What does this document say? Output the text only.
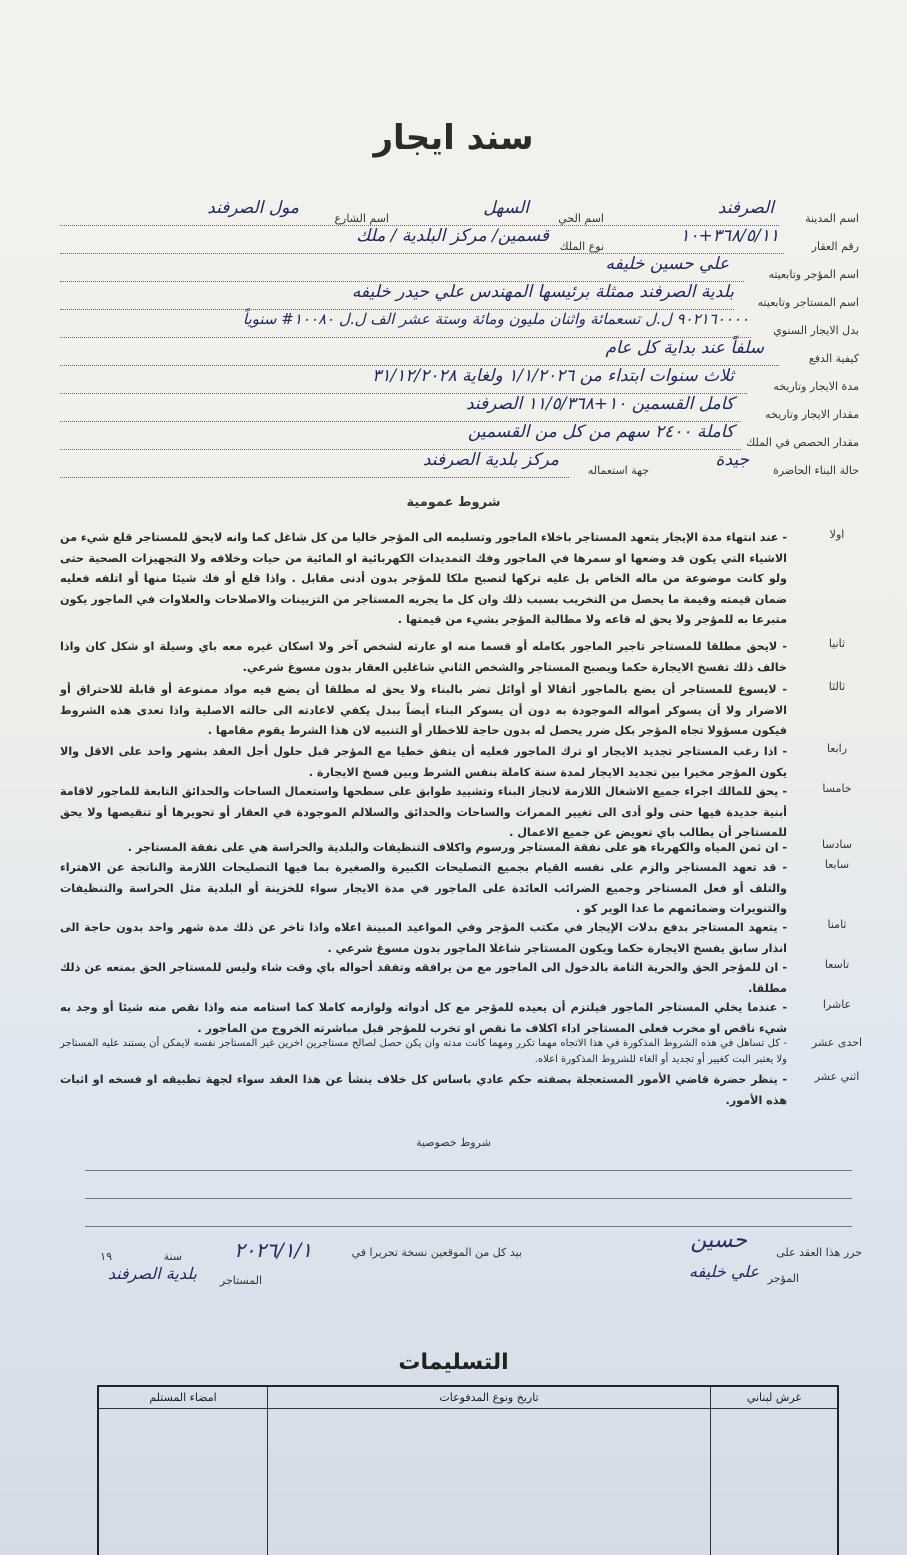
سند ايجار
اسم المدينة
الصرفند
اسم الحي
السهل
اسم الشارع
مول الصرفند
رقم العقار
٣٦٨/٥/١١+١٠
نوع الملك
قسمين/ مركز البلدية / ملك
اسم المؤجر وتابعيته
علي حسين خليفه
اسم المستاجر وتابعيته
بلدية الصرفند ممثلة برئيسها المهندس علي حيدر خليفه
بدل الايجار السنوي
٩٠٢١٦٠٠٠٠ ل.ل تسعمائة واثنان مليون ومائة وستة عشر الف ل.ل ١٠٠٨٠# سنوياً
كيفية الدفع
سلفاً عند بداية كل عام
مدة الايجار وتاريخه
ثلاث سنوات ابتداء من ١/١/٢٠٢٦ ولغاية ٣١/١٢/٢٠٢٨
مقدار الايجار وتاريخه
كامل القسمين ١٠+١١/٥/٣٦٨ الصرفند
مقدار الحصص في الملك
كاملة ٢٤٠٠ سهم من كل من القسمين
حالة البناء الحاضرة
جيدة
جهة استعماله
مركز بلدية الصرفند
شروط عمومية
اولا
- عند انتهاء مدة الإيجار يتعهد المستاجر باخلاء الماجور وتسليمه الى المؤجر خاليا من كل شاغل كما وانه لايحق للمستاجر قلع شيء من الاشياء التي يكون قد وضعها او سمرها في الماجور وفك التمديدات الكهربائية او المائية من حيات وخلافه ولا التجهيزات الصحية حتى ولو كانت موضوعة من ماله الخاص بل عليه تركها لتصبح ملكا للمؤجر بدون أدنى مقابل . واذا قلع أو فك شيئا منها أو اتلفه فعليه ضمان قيمته وقيمة ما يحصل من التخريب بسبب ذلك وان كل ما يجريه المستاجر من التزيينات والاصلاحات والعلاوات في الماجور يكون متبرعا به للمؤجر ولا يحق له قاعه ولا مطالبة المؤجر بشيء من قيمتها .
ثانيا
- لايحق مطلقا للمستاجر تاجير الماجور بكامله أو قسما منه او عارته لشخص آخر ولا اسكان غيره معه باي وسيلة او شكل كان واذا خالف ذلك تفسخ الايجارة حكما ويصبح المستاجر والشخص الثاني شاغلين العقار بدون مسوغ شرعي.
ثالثا
- لايسوغ للمستاجر أن يضع بالماجور أثقالا أو أوائل تضر بالبناء ولا يحق له مطلقا أن يضع فيه مواد ممنوعة أو قابلة للاحتراق أو الاضرار ولا أن يسوكر أمواله الموجودة به دون أن يسوكر البناء أيضاً ببدل يكفي لاعادته الى حالته الاصلية واذا تعدى هذه الشروط فيكون مسؤولا تجاه المؤجر بكل ضرر يحصل له بدون حاجة للاخطار أو التنبيه لان هذا الشرط يقوم مقامها .
رابعا
- اذا رغب المستاجر تجديد الايجار او ترك الماجور فعليه أن يتفق خطيا مع المؤجر قبل حلول أجل العقد بشهر واحد على الاقل والا يكون المؤجر مخيرا بين تجديد الايجار لمدة سنة كاملة بنفس الشرط وبين فسخ الايجارة .
خامسا
- يحق للمالك اجراء جميع الاشغال اللازمة لانجاز البناء وتشييد طوابق على سطحها واستعمال الساحات والحدائق التابعة للماجور لاقامة أبنية جديدة فيها حتى ولو أدى الى تغيير الممرات والساحات والحدائق والسلالم الموجودة في العقار أو تحويرها أو تنقيصها ولا يحق للمستاجر أن يطالب باي تعويض عن جميع الاعمال .
سادسا
- ان ثمن المياه والكهرباء هو على نفقة المستاجر ورسوم واكلاف التنظيفات والبلدية والحراسة هي على نفقة المستاجر .
سابعا
- قد تعهد المستاجر والزم على نفسه القيام بجميع التصليحات الكبيرة والصغيرة بما فيها التصليحات اللازمة والناتجة عن الاهتراء والتلف أو فعل المستاجر وجميع الضرائب العائدة على الماجور في مدة الايجار سواء للخزينة أو البلدية مثل الحراسة والتنظيفات والتنويرات وضمائمهم ما عدا الوير كو .
ثامنا
- يتعهد المستاجر بدفع بدلات الإيجار في مكتب المؤجر وفي المواعيد المبينة اعلاه واذا تاخر عن ذلك مدة شهر واحد بدون حاجة الى انذار سابق يفسخ الايجارة حكما ويكون المستاجر شاغلا الماجور بدون مسوغ شرعي .
تاسعا
- ان للمؤجر الحق والحرية التامة بالدخول الى الماجور مع من يرافقه وتفقد أحواله باي وقت شاء وليس للمستاجر الحق بمنعه عن ذلك مطلقا.
عاشرا
- عندما يخلي المستاجر الماجور فيلتزم أن يعيده للمؤجر مع كل أدواته ولوازمه كاملا كما استامه منه واذا نقص منه شيئا أو وجد به شيء ناقص او مخرب فعلى المستاجر اداء اكلاف ما نقص او تخرب للمؤجر قبل مباشرته الخروج من الماجور .
احدى عشر
- كل تساهل في هذه الشروط المذكورة في هذا الاتجاه مهما تكرر ومهما كانت مدته وان يكن حصل لصالح مستاجرين اخرين غير المستاجر نفسه لايمكن أن يستند عليه المستاجر ولا يعتبر البت كغيير أو تجديد أو الغاء للشروط المذكورة اعلاه.
اثني عشر
- ينظر حضرة قاضي الأمور المستعجلة بصفته حكم عادي باساس كل خلاف ينشأ عن هذا العقد سواء لجهة تطبيقه او فسخه او اثبات هذه الأمور.
شروط خصوصية
حرر هذا العقد على
حسين
بيد كل من الموقعين نسخة تحريرا في
٢٠٢٦/١/١
سنة
١٩
المؤجر
علي خليفه
المستاجر
بلدية الصرفند
التسليمات
غرش لبناني	تاريخ ونوع المدفوعات	امضاء المستلم
